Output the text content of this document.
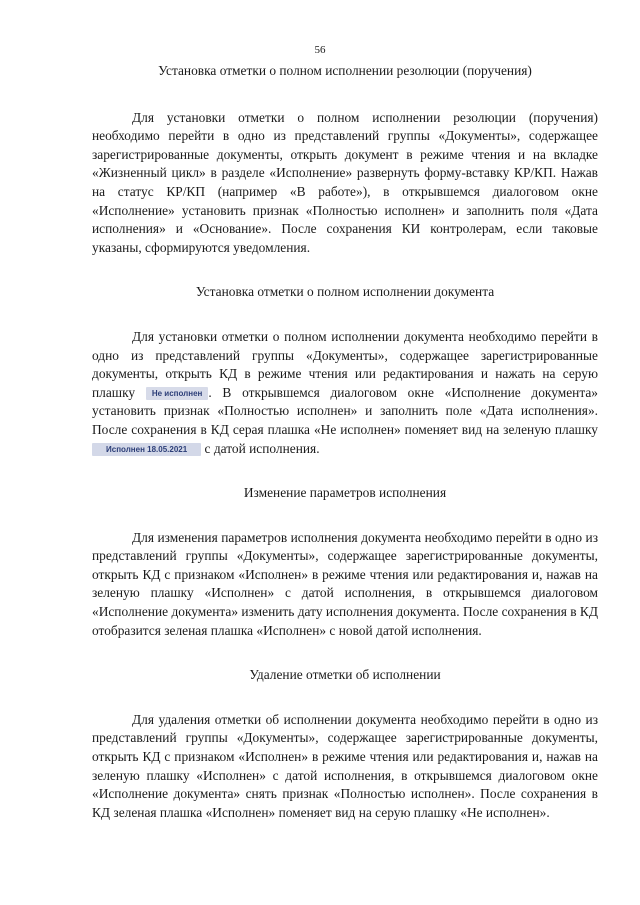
56

Установка отметки о полном исполнении резолюции (поручения)

Для установки отметки о полном исполнении резолюции (поручения) необходимо перейти в одно из представлений группы «Документы», содержащее зарегистрированные документы, открыть документ в режиме чтения и на вкладке «Жизненный цикл» в разделе «Исполнение» развернуть форму-вставку КР/КП. Нажав на статус КР/КП (например «В работе»), в открывшемся диалоговом окне «Исполнение» установить признак «Полностью исполнен» и заполнить поля «Дата исполнения» и «Основание». После сохранения КИ контролерам, если таковые указаны, сформируются уведомления.

Установка отметки о полном исполнении документа

Для установки отметки о полном исполнении документа необходимо перейти в одно из представлений группы «Документы», содержащее зарегистрированные документы, открыть КД в режиме чтения или редактирования и нажать на серую плашку Не исполнен . В открывшемся диалоговом окне «Исполнение документа» установить признак «Полностью исполнен» и заполнить поле «Дата исполнения». После сохранения в КД серая плашка «Не исполнен» поменяет вид на зеленую плашку Исполнен 18.05.2021 с датой исполнения.

Изменение параметров исполнения

Для изменения параметров исполнения документа необходимо перейти в одно из представлений группы «Документы», содержащее зарегистрированные документы, открыть КД с признаком «Исполнен» в режиме чтения или редактирования и, нажав на зеленую плашку «Исполнен» с датой исполнения, в открывшемся диалоговом «Исполнение документа» изменить дату исполнения документа. После сохранения в КД отобразится зеленая плашка «Исполнен» с новой датой исполнения.

Удаление отметки об исполнении

Для удаления отметки об исполнении документа необходимо перейти в одно из представлений группы «Документы», содержащее зарегистрированные документы, открыть КД с признаком «Исполнен» в режиме чтения или редактирования и, нажав на зеленую плашку «Исполнен» с датой исполнения, в открывшемся диалоговом окне «Исполнение документа» снять признак «Полностью исполнен». После сохранения в КД зеленая плашка «Исполнен» поменяет вид на серую плашку «Не исполнен».
